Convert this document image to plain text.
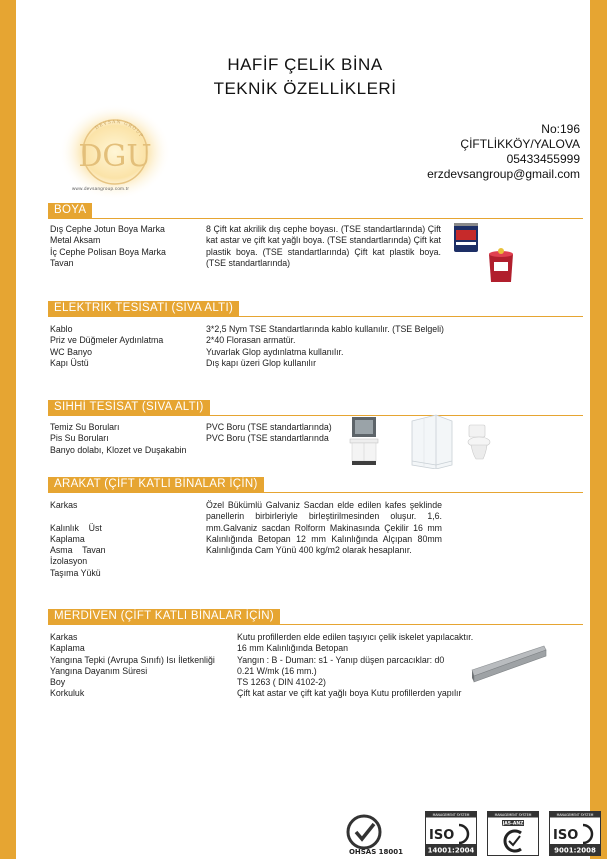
HAFİF ÇELİK BİNA
TEKNİK ÖZELLİKLERİ
DEVSAN GROUP
DGU
www.devsangroup.com.tr
No:196
ÇİFTLİKKÖY/YALOVA
05433455999
erzdevsangroup@gmail.com
BOYA
Dış Cephe Jotun Boya Marka
Metal Aksam
İç Cephe Polisan Boya Marka
Tavan
8 Çift kat akrilik dış cephe boyası. (TSE standartlarında) Çift kat astar ve çift kat yağlı boya. (TSE standartlarında) Çift kat plastik boya. (TSE standartlarında) Çift kat plastik boya. (TSE standartlarında)
ELEKTRİK TESİSATI (SIVA ALTI)
Kablo
Priz ve Düğmeler Aydınlatma
WC Banyo
Kapı Üstü
3*2,5 Nym TSE Standartlarında kablo kullanılır. (TSE Belgeli)
2*40 Florasan armatür.
Yuvarlak Glop aydınlatma kullanılır.
Dış kapı üzeri Glop kullanılır
SIHHİ TESİSAT (SIVA ALTI)
Temiz Su Boruları
Pis Su Boruları
Banyo dolabı, Klozet ve Duşakabin
PVC Boru (TSE standartlarında)
PVC Boru (TSE standartlarında
ARAKAT (ÇİFT KATLI BİNALAR İÇİN)
Karkas
Kalınlık    Üst
Kaplama
Asma    Tavan
İzolasyon
Taşıma Yükü
Özel Bükümlü Galvaniz Sacdan elde edilen kafes şeklinde panellerin birbirleriyle birleştirilmesinden oluşur. 1,6. mm.Galvaniz sacdan Rolform Makinasında Çekilir 16 mm Kalınlığında Betopan 12 mm Kalınlığında Alçıpan 80mm Kalınlığında Cam Yünü 400 kg/m2 olarak hesaplanır.
MERDİVEN (ÇİFT KATLI BİNALAR İÇİN)
Karkas
Kaplama
Yangına Tepki (Avrupa Sınıfı) Isı İletkenliği
Yangına Dayanım Süresi
Boy
Korkuluk
Kutu profillerden elde edilen taşıyıcı çelik iskelet yapılacaktır.
16 mm Kalınlığında Betopan
Yangın : B - Duman: s1 - Yanıp düşen parcacıklar: d0
0.21 W/mk (16 mm.)
TS 1263 ( DIN 4102-2)
Çift kat astar ve çift kat yağlı boya Kutu profillerden yapılır
OHSAS 18001
MANAGEMENT SYSTEM
ISO
14001:2004
MANAGEMENT SYSTEM
JAS-ANZ
MANAGEMENT SYSTEM
ISO
9001:2008
